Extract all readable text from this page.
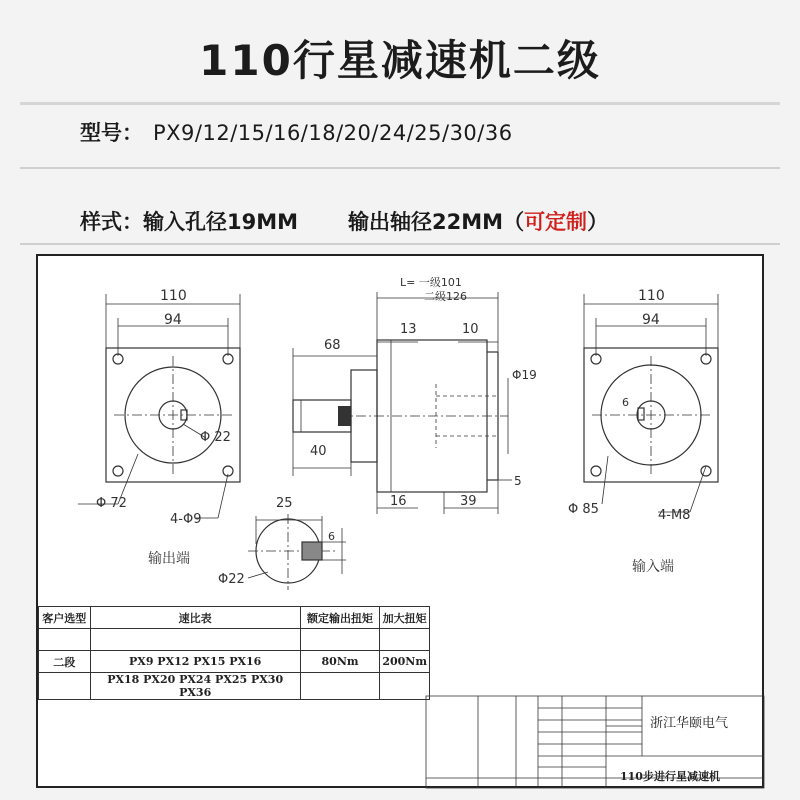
110行星减速机二级
型号： PX9/12/15/16/18/20/24/25/30/36
样式：输入孔径19MM 输出轴径22MM（可定制）
110
94
Φ 22
Φ 72
4-Φ9
输出端
L= 一级101
二级126
13	10
68
Φ19
40
5
16	39
25
6
Φ22
110
94
6
Φ 85	4-M8
输入端
客户选型	速比表	额定输出扭矩	加大扭矩

二段	PX9 PX12 PX15 PX16	80Nm	200Nm
	PX18 PX20 PX24 PX25 PX30 PX36		
浙江华颐电气
110步进行星减速机
